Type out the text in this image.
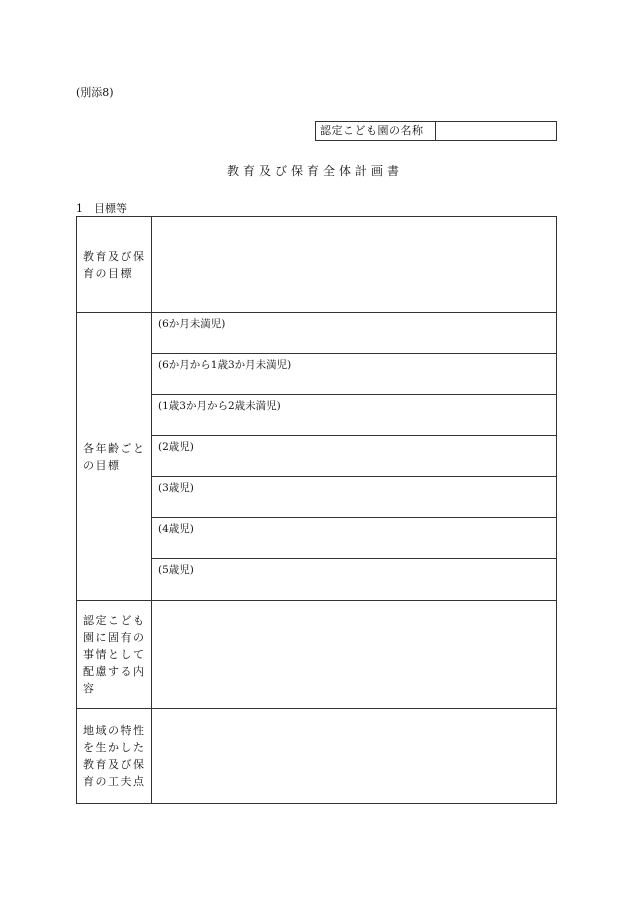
(別添8)
認定こども園の名称
教育及び保育全体計画書
1　目標等
教育及び保育の目標
各年齢ごとの目標
(6か月未満児)
(6か月から1歳3か月未満児)
(1歳3か月から2歳未満児)
(2歳児)
(3歳児)
(4歳児)
(5歳児)
認定こども園に固有の事情として配慮する内容
地域の特性を生かした教育及び保育の工夫点
